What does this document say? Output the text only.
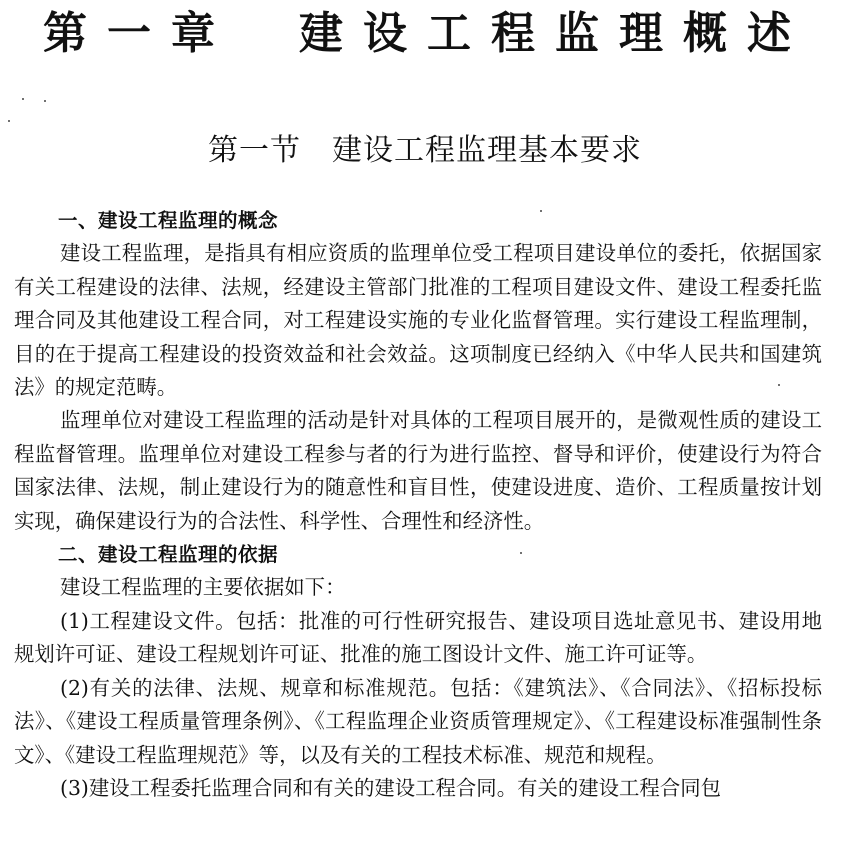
第一章　建设工程监理概述
第一节　建设工程监理基本要求

一、建设工程监理的概念

建设工程监理，是指具有相应资质的监理单位受工程项目建设单位的委托，依据国家有关工程建设的法律、法规，经建设主管部门批准的工程项目建设文件、建设工程委托监理合同及其他建设工程合同，对工程建设实施的专业化监督管理。实行建设工程监理制，目的在于提高工程建设的投资效益和社会效益。这项制度已经纳入《中华人民共和国建筑法》的规定范畴。

监理单位对建设工程监理的活动是针对具体的工程项目展开的，是微观性质的建设工程监督管理。监理单位对建设工程参与者的行为进行监控、督导和评价，使建设行为符合国家法律、法规，制止建设行为的随意性和盲目性，使建设进度、造价、工程质量按计划实现，确保建设行为的合法性、科学性、合理性和经济性。

二、建设工程监理的依据

建设工程监理的主要依据如下：

(1)工程建设文件。包括：批准的可行性研究报告、建设项目选址意见书、建设用地规划许可证、建设工程规划许可证、批准的施工图设计文件、施工许可证等。

(2)有关的法律、法规、规章和标准规范。包括：《建筑法》、《合同法》、《招标投标法》、《建设工程质量管理条例》、《工程监理企业资质管理规定》、《工程建设标准强制性条文》、《建设工程监理规范》等，以及有关的工程技术标准、规范和规程。

(3)建设工程委托监理合同和有关的建设工程合同。有关的建设工程合同包
